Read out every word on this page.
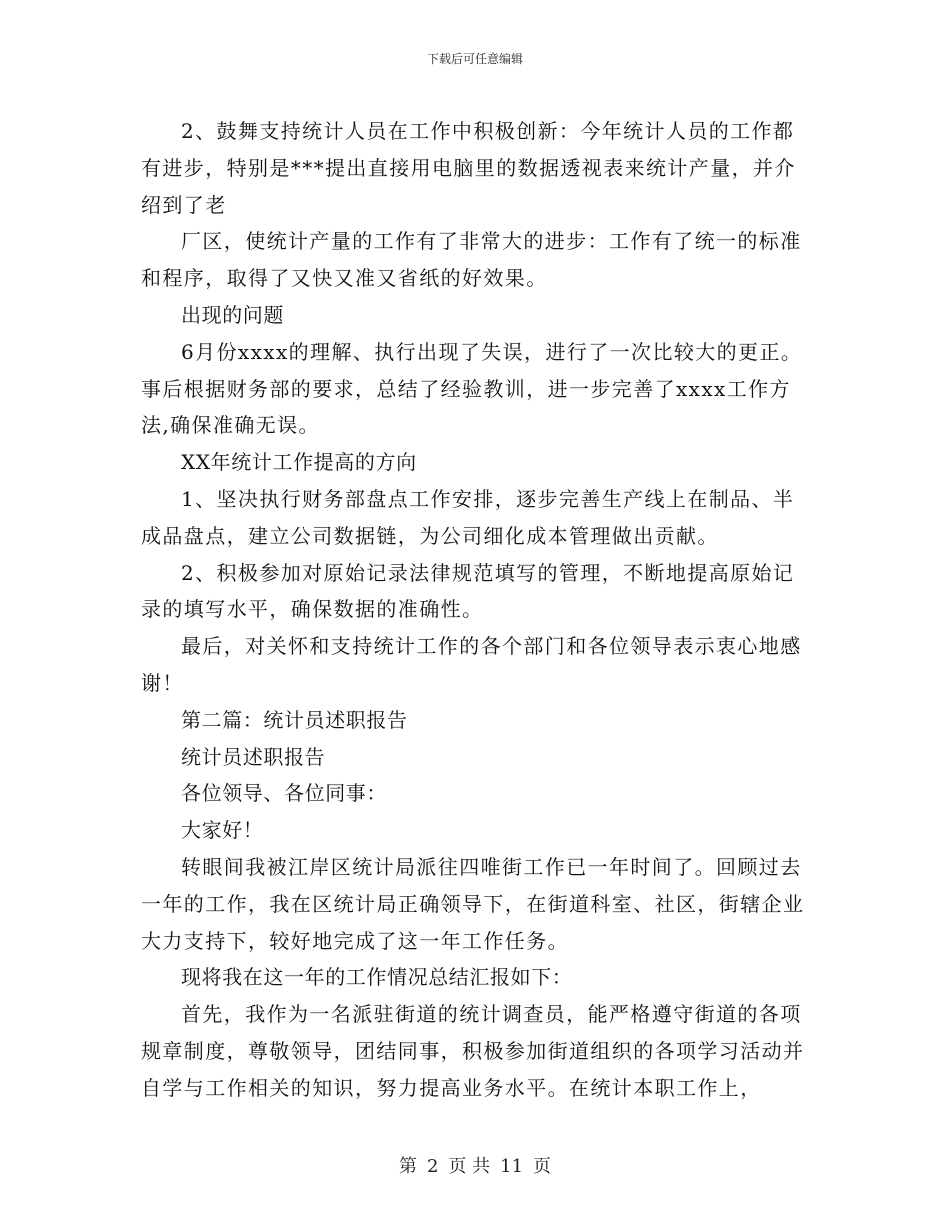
下载后可任意编辑

2、鼓舞支持统计人员在工作中积极创新：今年统计人员的工作都有进步，特别是***提出直接用电脑里的数据透视表来统计产量，并介绍到了老

厂区，使统计产量的工作有了非常大的进步：工作有了统一的标准和程序，取得了又快又准又省纸的好效果。

出现的问题

6月份xxxx的理解、执行出现了失误，进行了一次比较大的更正。事后根据财务部的要求，总结了经验教训，进一步完善了xxxx工作方法,确保准确无误。

XX年统计工作提高的方向

1、坚决执行财务部盘点工作安排，逐步完善生产线上在制品、半成品盘点，建立公司数据链，为公司细化成本管理做出贡献。

2、积极参加对原始记录法律规范填写的管理，不断地提高原始记录的填写水平，确保数据的准确性。

最后，对关怀和支持统计工作的各个部门和各位领导表示衷心地感谢！

第二篇：统计员述职报告

统计员述职报告

各位领导、各位同事：

大家好！

转眼间我被江岸区统计局派往四唯街工作已一年时间了。回顾过去一年的工作，我在区统计局正确领导下，在街道科室、社区，街辖企业大力支持下，较好地完成了这一年工作任务。

现将我在这一年的工作情况总结汇报如下：

首先，我作为一名派驻街道的统计调查员，能严格遵守街道的各项规章制度，尊敬领导，团结同事，积极参加街道组织的各项学习活动并自学与工作相关的知识，努力提高业务水平。在统计本职工作上，

第 2 页 共 11 页
